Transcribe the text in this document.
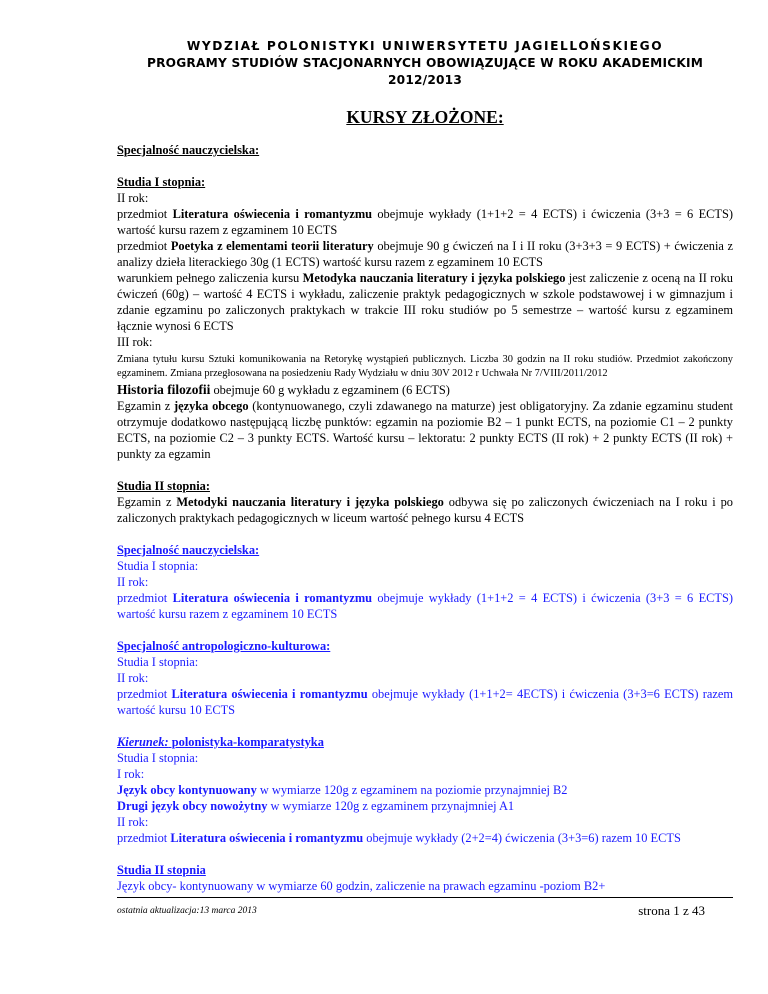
WYDZIAŁ POLONISTYKI UNIWERSYTETU JAGIELLOŃSKIEGO
PROGRAMY STUDIÓW STACJONARNYCH OBOWIĄZUJĄCE W ROKU AKADEMICKIM 2012/2013
KURSY ZŁOŻONE:

Specjalność nauczycielska:

Studia I stopnia:

II rok:

przedmiot Literatura oświecenia i romantyzmu obejmuje wykłady (1+1+2 = 4 ECTS) i ćwiczenia (3+3 = 6 ECTS) wartość kursu razem z egzaminem 10 ECTS

przedmiot Poetyka z elementami teorii literatury obejmuje 90 g ćwiczeń na I i II roku (3+3+3 = 9 ECTS) + ćwiczenia z analizy dzieła literackiego 30g (1 ECTS) wartość kursu razem z egzaminem 10 ECTS

warunkiem pełnego zaliczenia kursu Metodyka nauczania literatury i języka polskiego jest zaliczenie z oceną na II roku ćwiczeń (60g) – wartość 4 ECTS i wykładu, zaliczenie praktyk pedagogicznych w szkole podstawowej i w gimnazjum i zdanie egzaminu po zaliczonych praktykach w trakcie III roku studiów po 5 semestrze – wartość kursu z egzaminem łącznie wynosi 6 ECTS

III rok:

Zmiana tytułu kursu Sztuki komunikowania na Retorykę wystąpień publicznych. Liczba 30 godzin na II roku studiów. Przedmiot zakończony egzaminem. Zmiana przegłosowana na posiedzeniu Rady Wydziału w dniu 30V 2012 r Uchwała Nr 7/VIII/2011/2012

Historia filozofii obejmuje 60 g wykładu z egzaminem (6 ECTS)

Egzamin z języka obcego (kontynuowanego, czyli zdawanego na maturze) jest obligatoryjny. Za zdanie egzaminu student otrzymuje dodatkowo następującą liczbę punktów: egzamin na poziomie B2 – 1 punkt ECTS, na poziomie C1 – 2 punkty ECTS, na poziomie C2 – 3 punkty ECTS. Wartość kursu – lektoratu: 2 punkty ECTS (II rok) + 2 punkty ECTS (II rok) + punkty za egzamin

Studia II stopnia:

Egzamin z Metodyki nauczania literatury i języka polskiego odbywa się po zaliczonych ćwiczeniach na I roku i po zaliczonych praktykach pedagogicznych w liceum wartość pełnego kursu 4 ECTS

Specjalność nauczycielska:

Studia I stopnia:

II rok:

przedmiot Literatura oświecenia i romantyzmu obejmuje wykłady (1+1+2 = 4 ECTS) i ćwiczenia (3+3 = 6 ECTS) wartość kursu razem z egzaminem 10 ECTS

Specjalność antropologiczno-kulturowa:

Studia I stopnia:

II rok:

przedmiot Literatura oświecenia i romantyzmu obejmuje wykłady (1+1+2= 4ECTS) i ćwiczenia (3+3=6 ECTS) razem wartość kursu 10 ECTS

Kierunek: polonistyka-komparatystyka

Studia I stopnia:

I rok:

Język obcy kontynuowany w wymiarze 120g z egzaminem na poziomie przynajmniej B2

Drugi język obcy nowożytny w wymiarze 120g z egzaminem przynajmniej A1

II rok:

przedmiot Literatura oświecenia i romantyzmu obejmuje wykłady (2+2=4) ćwiczenia (3+3=6) razem 10 ECTS

Studia II stopnia

Język obcy- kontynuowany w wymiarze 60 godzin, zaliczenie na prawach egzaminu -poziom B2+

ostatnia aktualizacja:13 marca 2013	strona 1 z 43
